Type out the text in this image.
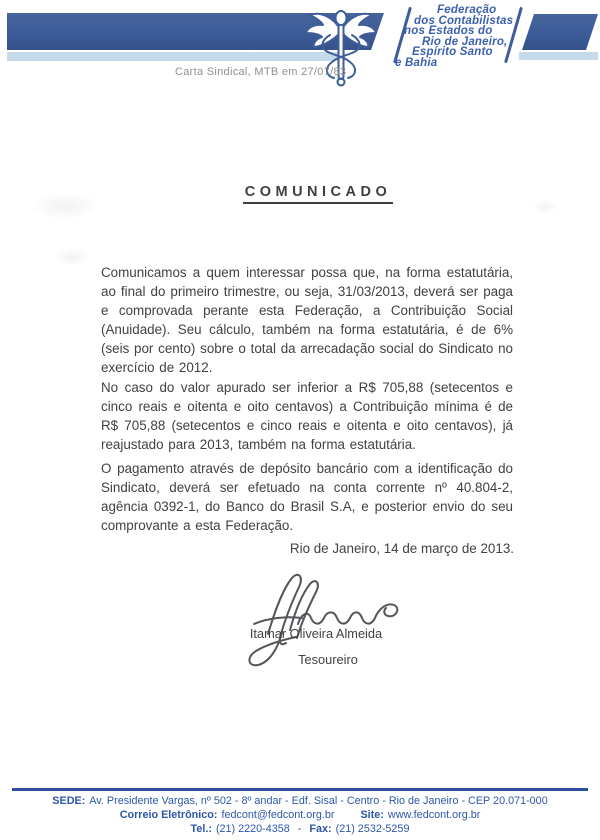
Federação
dos Contabilistas
nos Estados do
Rio de Janeiro,
Espírito Santo
e Bahia
Carta Sindical, MTB em 27/07/83
COMUNICADO

Comunicamos a quem interessar possa que, na forma estatutária, ao final do primeiro trimestre, ou seja, 31/03/2013, deverá ser paga e comprovada perante esta Federação, a Contribuição Social (Anuidade). Seu cálculo, também na forma estatutária, é de 6% (seis por cento) sobre o total da arrecadação social do Sindicato no exercício de 2012.

No caso do valor apurado ser inferior a R$ 705,88 (setecentos e cinco reais e oitenta e oito centavos) a Contribuição mínima é de R$ 705,88 (setecentos e cinco reais e oitenta e oito centavos), já reajustado para 2013, também na forma estatutária.

O pagamento através de depósito bancário com a identificação do Sindicato, deverá ser efetuado na conta corrente nº 40.804-2, agência 0392-1, do Banco do Brasil S.A, e posterior envio do seu comprovante a esta Federação.

Rio de Janeiro, 14 de março de 2013.

Itamar Oliveira Almeida
Tesoureiro
SEDE: Av. Presidente Vargas, nº 502 - 8º andar - Edf. Sisal - Centro - Rio de Janeiro - CEP 20.071-000
Correio Eletrônico: fedcont@fedcont.org.br Site: www.fedcont.org.br
Tel.: (21) 2220-4358 - Fax: (21) 2532-5259
